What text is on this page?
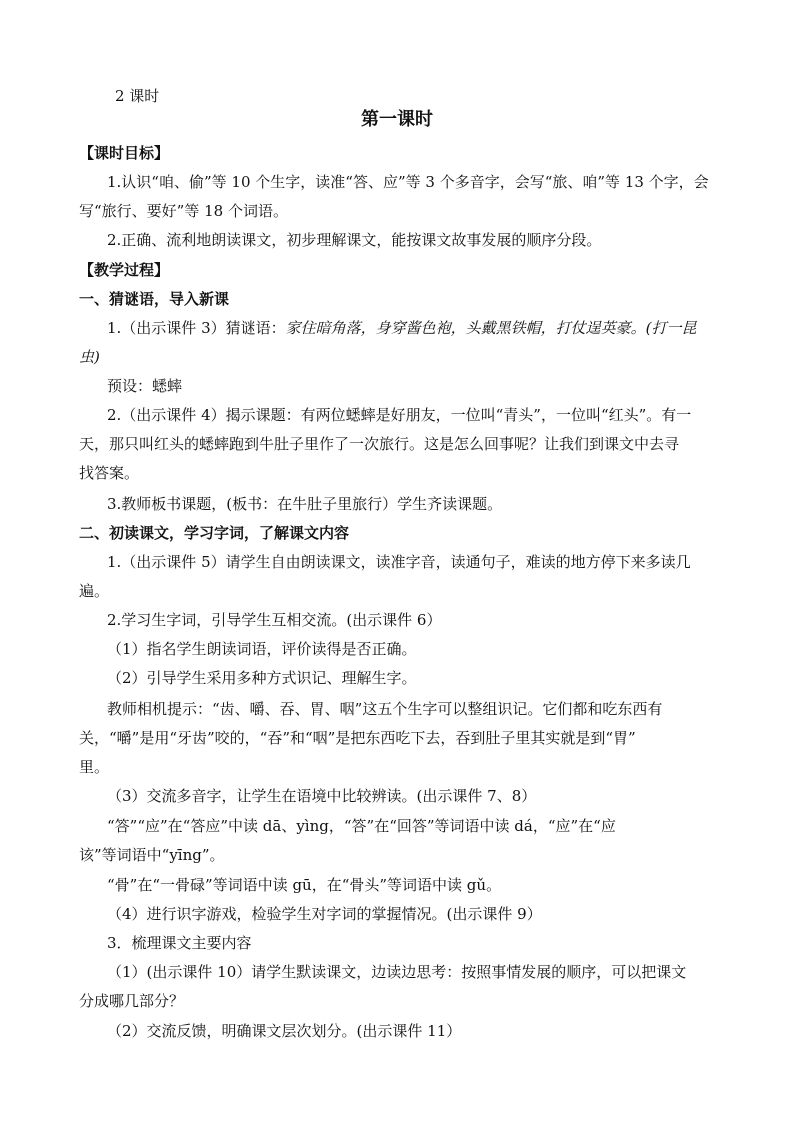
2 课时
第一课时
【课时目标】
1.认识“咱、偷”等 10 个生字，读准“答、应”等 3 个多音字，会写“旅、咱”等 13 个字，会
写“旅行、要好”等 18 个词语。
2.正确、流利地朗读课文，初步理解课文，能按课文故事发展的顺序分段。
【教学过程】
一、猜谜语，导入新课
1.（出示课件 3）猜谜语：家住暗角落，身穿酱色袍，头戴黑铁帽，打仗逞英豪。(打一昆
虫)
预设：蟋蟀
2.（出示课件 4）揭示课题：有两位蟋蟀是好朋友，一位叫“青头”，一位叫“红头”。有一
天，那只叫红头的蟋蟀跑到牛肚子里作了一次旅行。这是怎么回事呢？让我们到课文中去寻
找答案。
3.教师板书课题，(板书：在牛肚子里旅行）学生齐读课题。
二、初读课文，学习字词，了解课文内容
1.（出示课件 5）请学生自由朗读课文，读准字音，读通句子，难读的地方停下来多读几
遍。
2.学习生字词，引导学生互相交流。(出示课件 6）
（1）指名学生朗读词语，评价读得是否正确。
（2）引导学生采用多种方式识记、理解生字。
教师相机提示：“齿、嚼、吞、胃、咽”这五个生字可以整组识记。它们都和吃东西有
关，“嚼”是用“牙齿”咬的，“吞”和“咽”是把东西吃下去，吞到肚子里其实就是到“胃”
里。
（3）交流多音字，让学生在语境中比较辨读。(出示课件 7、8）
“答”“应”在“答应”中读 dā、yìng，“答”在“回答”等词语中读 dá，“应”在“应
该”等词语中“yīng”。
“骨”在“一骨碌”等词语中读 gū，在“骨头”等词语中读 gǔ。
（4）进行识字游戏，检验学生对字词的掌握情况。(出示课件 9）
3．梳理课文主要内容
（1）(出示课件 10）请学生默读课文，边读边思考：按照事情发展的顺序，可以把课文
分成哪几部分？
（2）交流反馈，明确课文层次划分。(出示课件 11）
